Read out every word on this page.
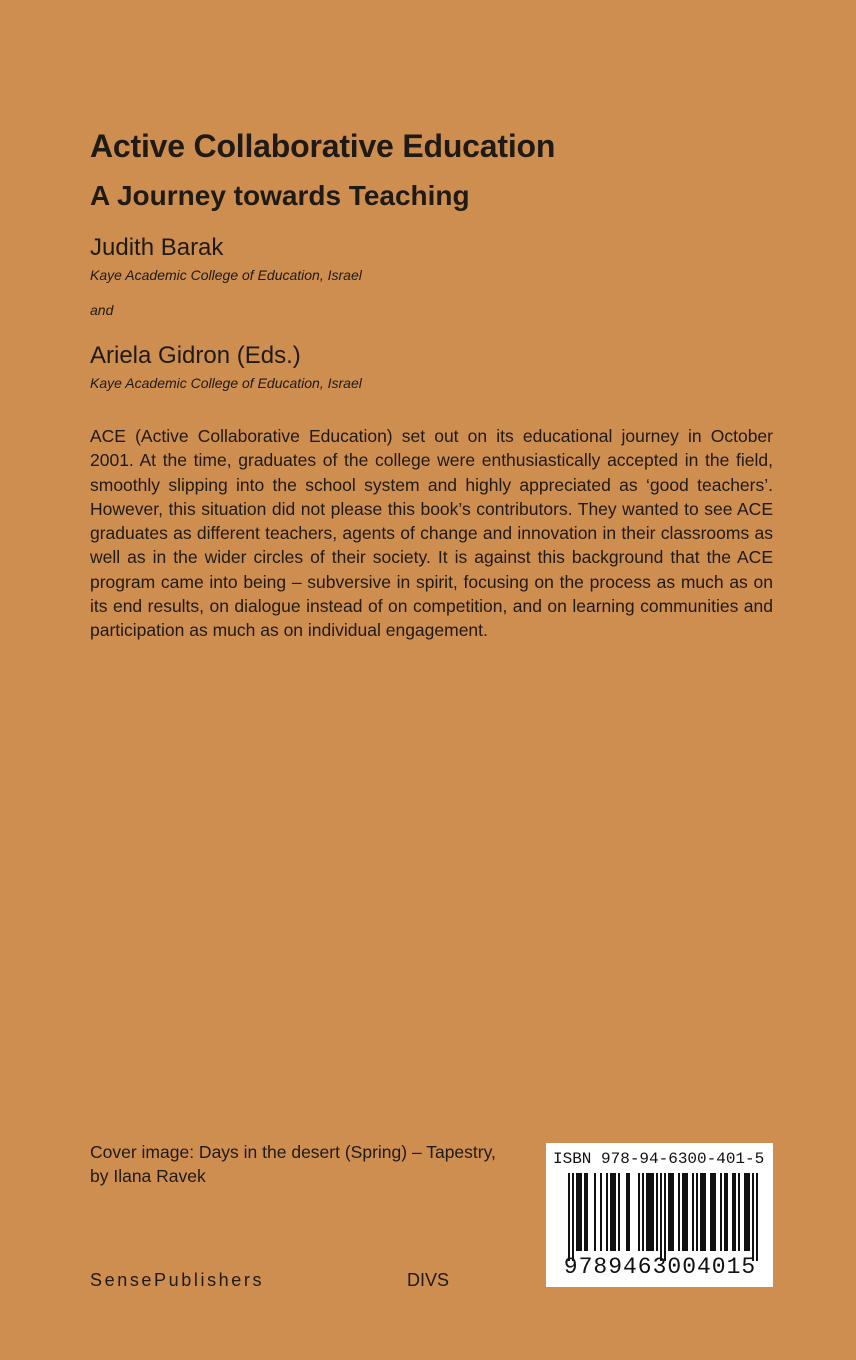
Active Collaborative Education
A Journey towards Teaching
Judith Barak
Kaye Academic College of Education, Israel
and
Ariela Gidron (Eds.)
Kaye Academic College of Education, Israel

ACE (Active Collaborative Education) set out on its educational journey in October 2001. At the time, graduates of the college were enthusiastically accepted in the field, smoothly slipping into the school system and highly appreciated as ‘good teachers’. However, this situation did not please this book’s contributors. They wanted to see ACE graduates as different teachers, agents of change and innovation in their classrooms as well as in the wider circles of their society. It is against this background that the ACE program came into being – subversive in spirit, focusing on the process as much as on its end results, on dialogue instead of on competition, and on learning communities and participation as much as on individual engagement.

Cover image: Days in the desert (Spring) – Tapestry,
by Ilana Ravek
SensePublishers	DIVS
ISBN 978-94-6300-401-5
9789463004015
